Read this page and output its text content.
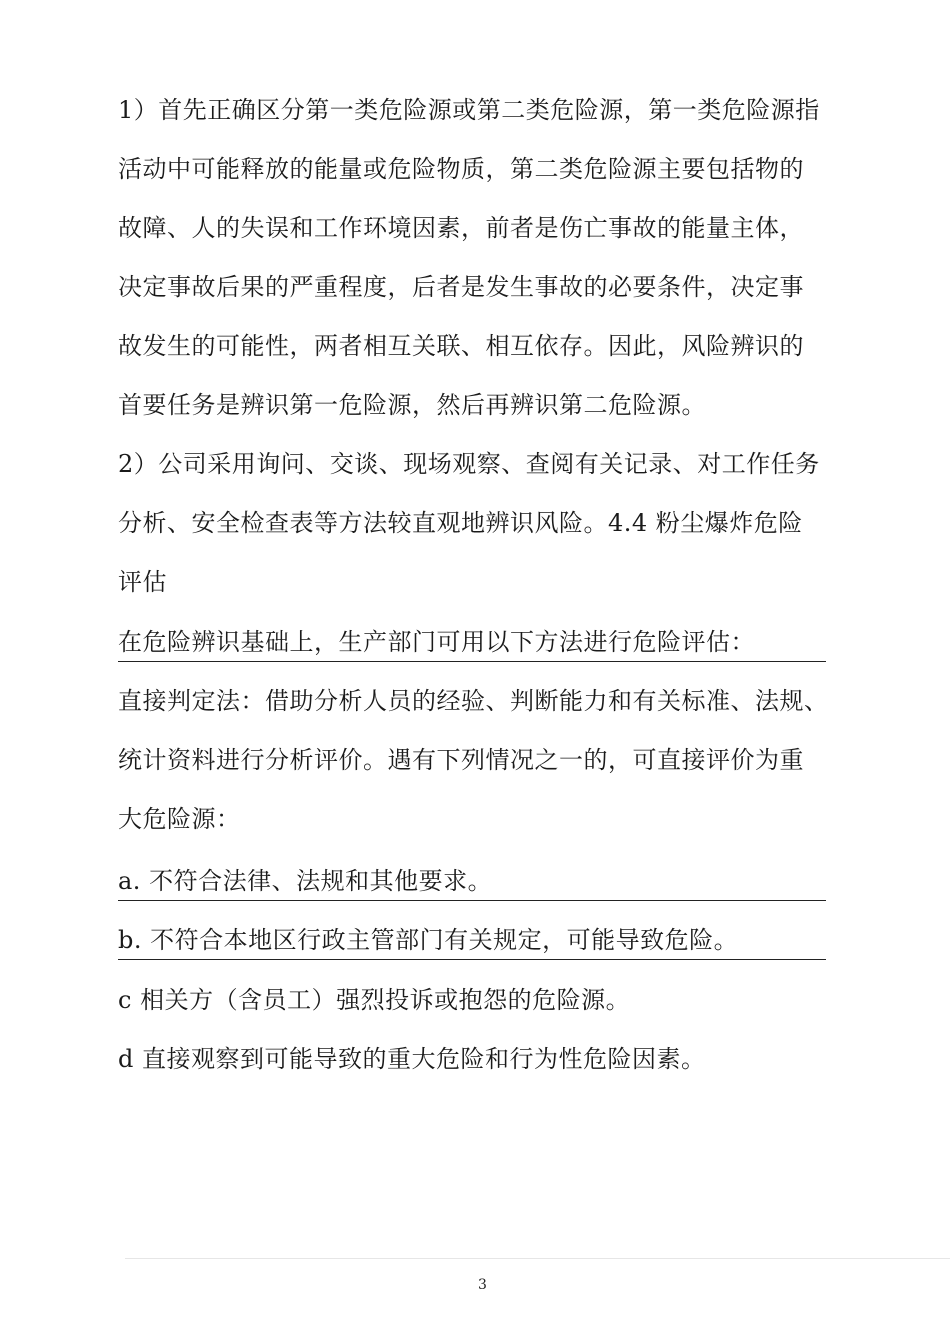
1）首先正确区分第一类危险源或第二类危险源，第一类危险源指
活动中可能释放的能量或危险物质，第二类危险源主要包括物的
故障、人的失误和工作环境因素，前者是伤亡事故的能量主体，
决定事故后果的严重程度，后者是发生事故的必要条件，决定事
故发生的可能性，两者相互关联、相互依存。因此，风险辨识的
首要任务是辨识第一危险源，然后再辨识第二危险源。
2）公司采用询问、交谈、现场观察、查阅有关记录、对工作任务
分析、安全检查表等方法较直观地辨识风险。4.4 粉尘爆炸危险
评估
在危险辨识基础上，生产部门可用以下方法进行危险评估：
直接判定法：借助分析人员的经验、判断能力和有关标准、法规、
统计资料进行分析评价。遇有下列情况之一的，可直接评价为重
大危险源：
a. 不符合法律、法规和其他要求。
b. 不符合本地区行政主管部门有关规定，可能导致危险。
c 相关方（含员工）强烈投诉或抱怨的危险源。
d 直接观察到可能导致的重大危险和行为性危险因素。
3
